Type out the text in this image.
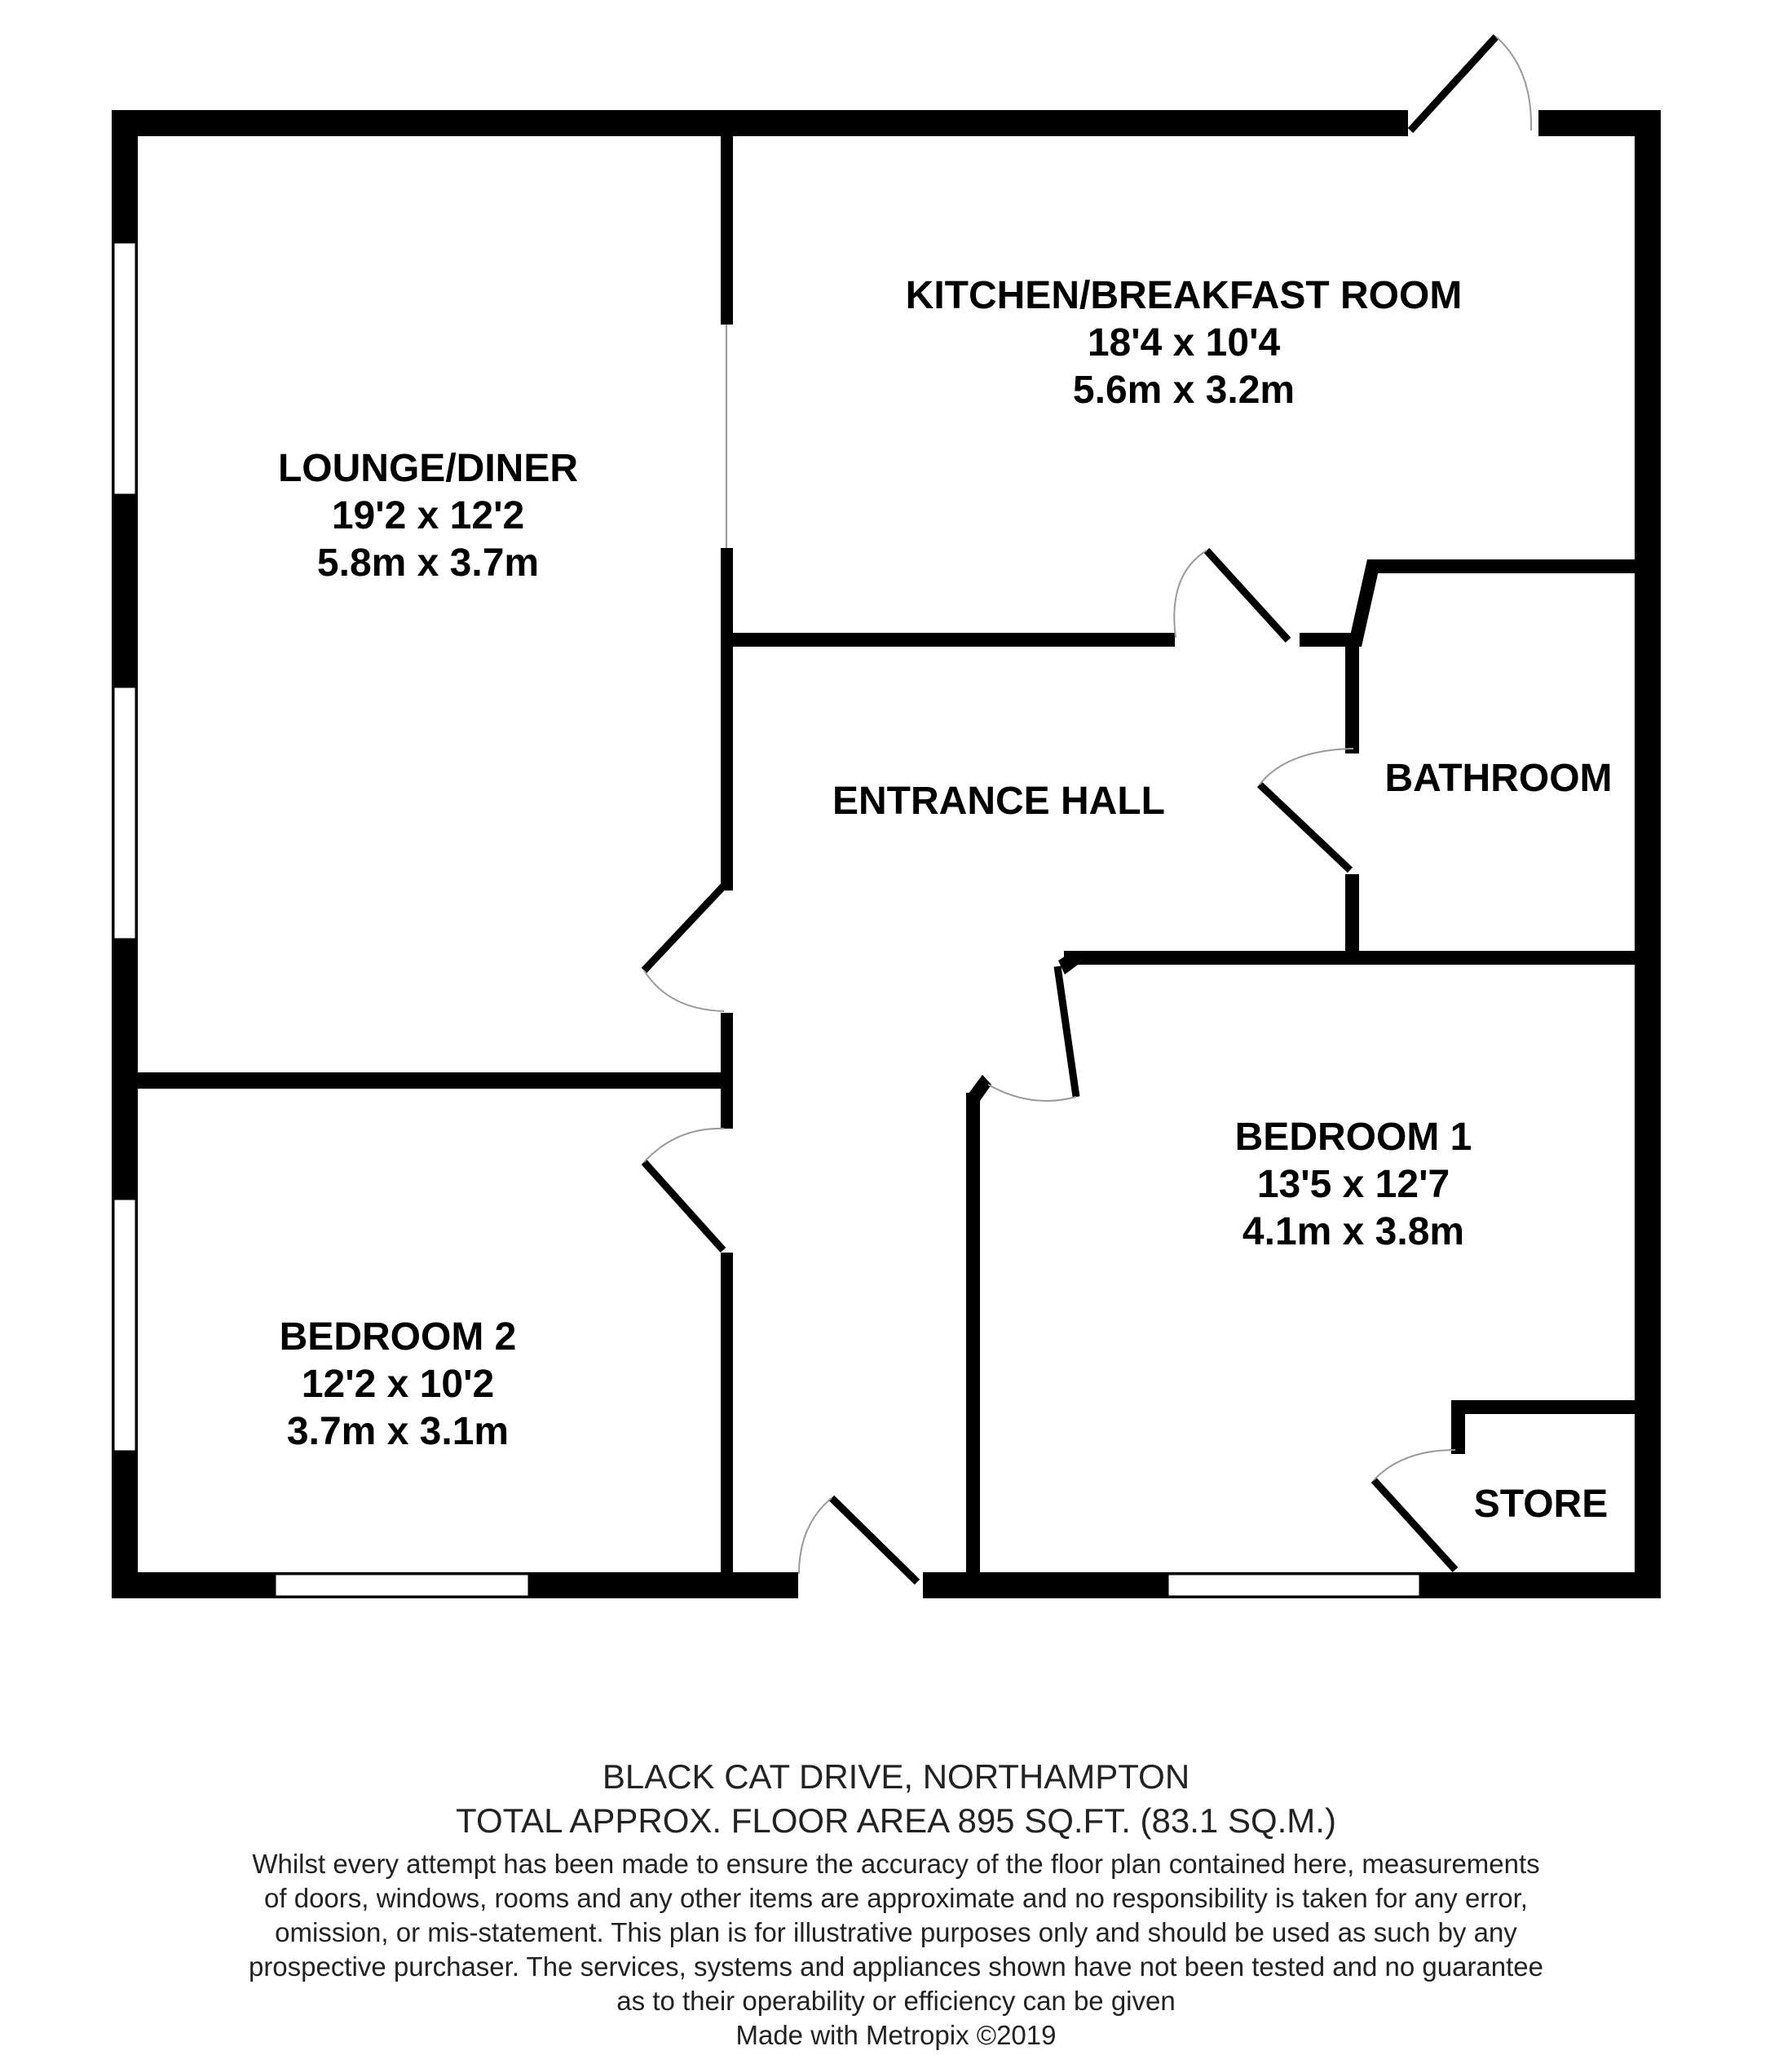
LOUNGE/DINER
19'2 x 12'2
5.8m x 3.7m
KITCHEN/BREAKFAST ROOM
18'4 x 10'4
5.6m x 3.2m
ENTRANCE HALL
BATHROOM
BEDROOM 1
13'5 x 12'7
4.1m x 3.8m
BEDROOM 2
12'2 x 10'2
3.7m x 3.1m
STORE
BLACK CAT DRIVE, NORTHAMPTON
TOTAL APPROX. FLOOR AREA 895 SQ.FT. (83.1 SQ.M.)
Whilst every attempt has been made to ensure the accuracy of the floor plan contained here, measurements
of doors, windows, rooms and any other items are approximate and no responsibility is taken for any error,
omission, or mis-statement. This plan is for illustrative purposes only and should be used as such by any
prospective purchaser. The services, systems and appliances shown have not been tested and no guarantee
as to their operability or efficiency can be given
Made with Metropix ©2019
